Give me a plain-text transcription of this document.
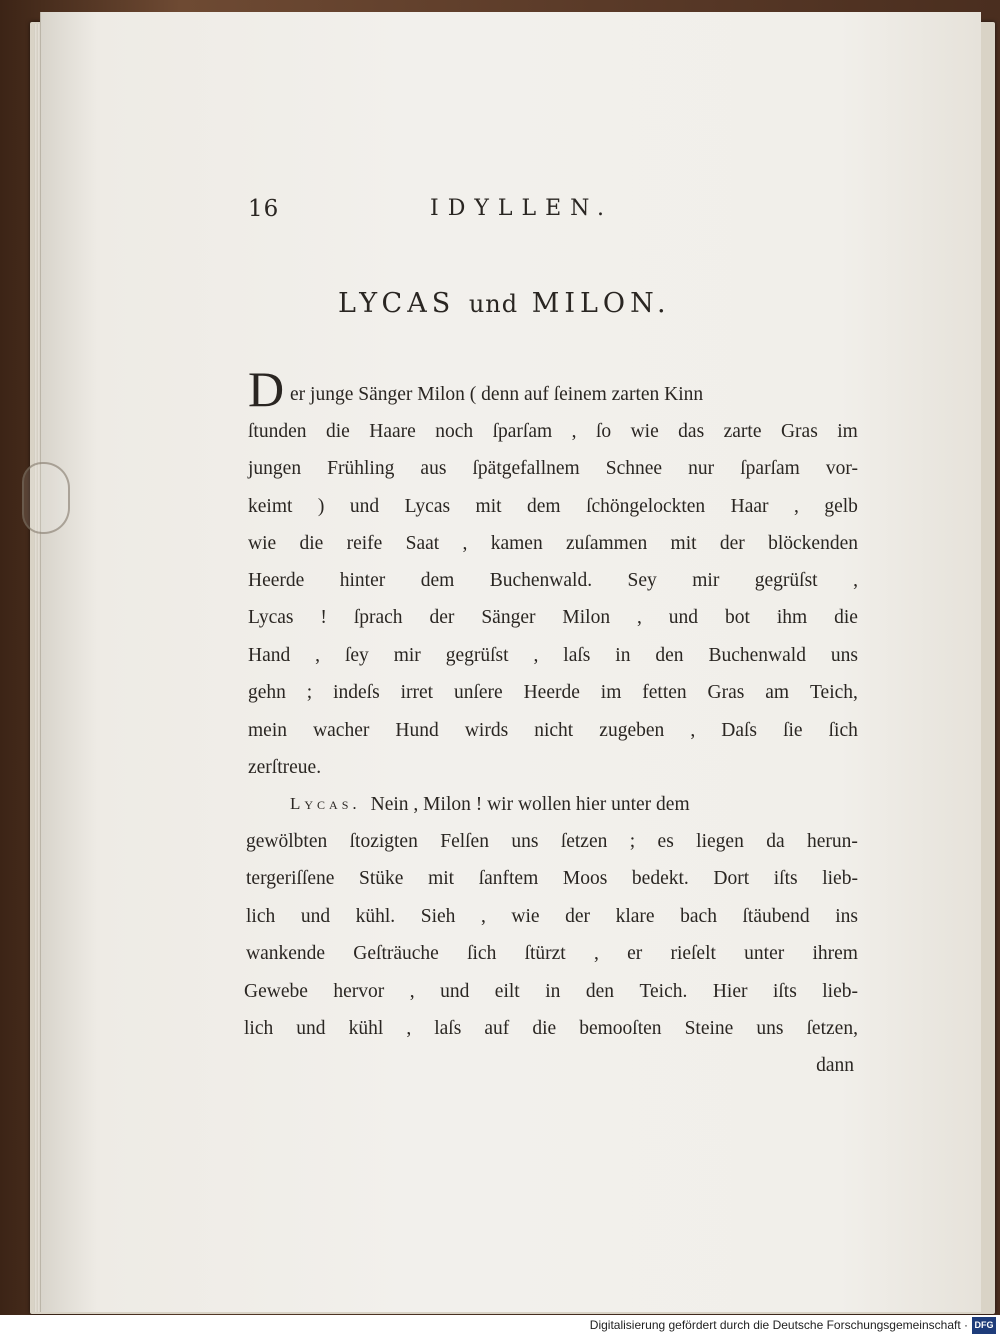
16	IDYLLEN.
LYCAS und MILON.
D er junge Sänger Milon ( denn auf ſeinem zarten Kinn
ſtunden die Haare noch ſparſam , ſo wie das zarte Gras im
jungen Frühling aus ſpätgefallnem Schnee nur ſparſam vor-
keimt ) und Lycas mit dem ſchöngelockten Haar , gelb
wie die reife Saat , kamen zuſammen mit der blöckenden
Heerde hinter dem Buchenwald. Sey mir gegrüſst ,
Lycas ! ſprach der Sänger Milon , und bot ihm die
Hand , ſey mir gegrüſst , laſs in den Buchenwald uns
gehn ; indeſs irret unſere Heerde im fetten Gras am Teich,
mein wacher Hund wirds nicht zugeben , Daſs ſie ſich
zerſtreue.
Lycas. Nein , Milon ! wir wollen hier unter dem
gewölbten ſtozigten Felſen uns ſetzen ; es liegen da herun-
tergeriſſene Stüke mit ſanftem Moos bedekt. Dort iſts lieb-
lich und kühl. Sieh , wie der klare bach ſtäubend ins
wankende Geſträuche ſich ſtürzt , er rieſelt unter ihrem
Gewebe hervor , und eilt in den Teich. Hier iſts lieb-
lich und kühl , laſs auf die bemooſten Steine uns ſetzen,
dann
Digitalisierung gefördert durch die Deutsche Forschungsgemeinschaft · DFG
